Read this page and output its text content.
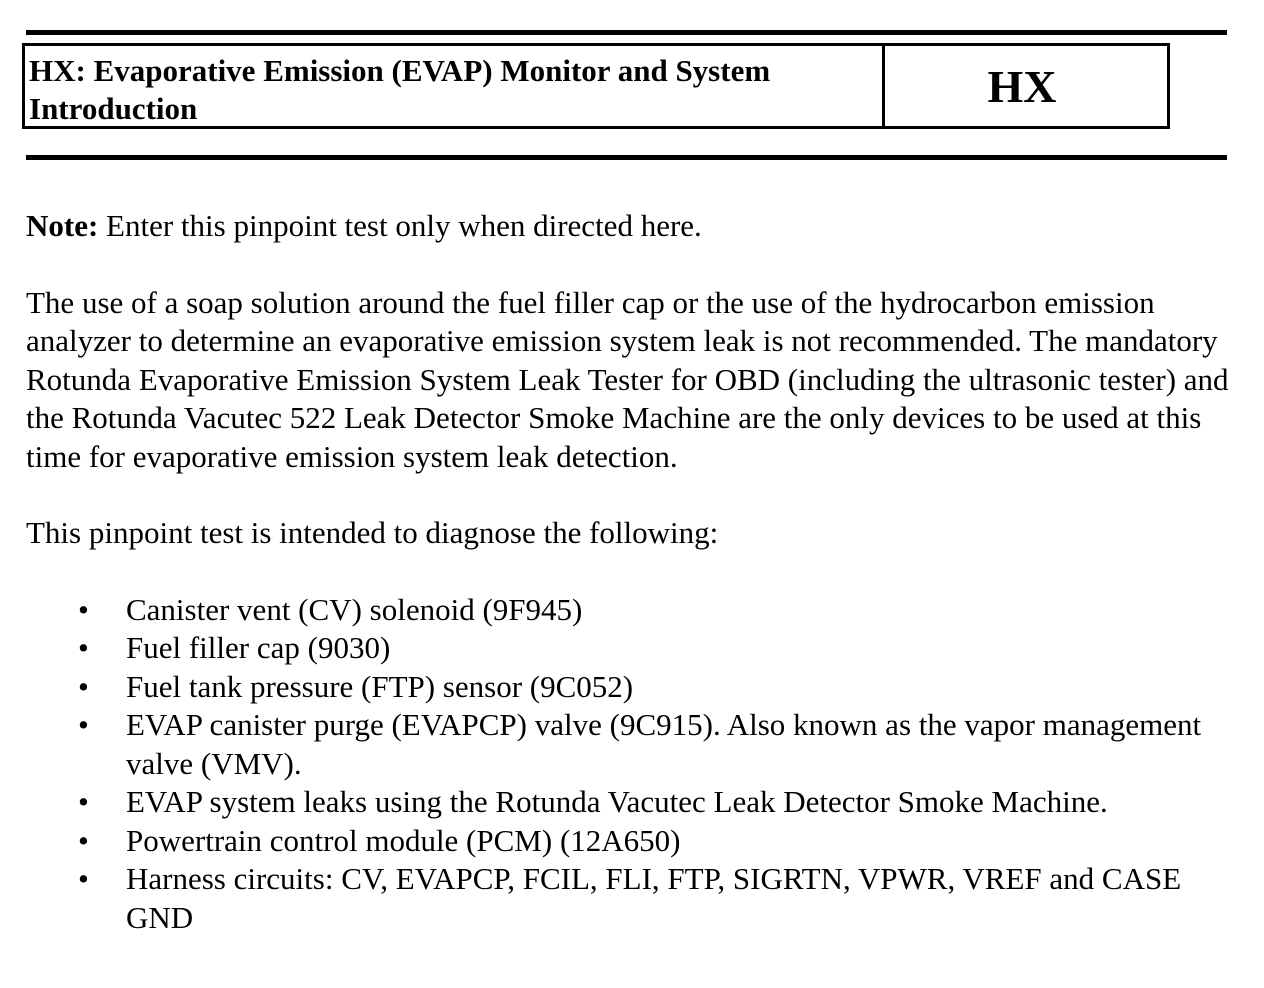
HX: Evaporative Emission (EVAP) Monitor and System Introduction	HX

Note: Enter this pinpoint test only when directed here.

The use of a soap solution around the fuel filler cap or the use of the hydrocarbon emission analyzer to determine an evaporative emission system leak is not recommended. The mandatory Rotunda Evaporative Emission System Leak Tester for OBD (including the ultrasonic tester) and the Rotunda Vacutec 522 Leak Detector Smoke Machine are the only devices to be used at this time for evaporative emission system leak detection.

This pinpoint test is intended to diagnose the following:

• Canister vent (CV) solenoid (9F945)
• Fuel filler cap (9030)
• Fuel tank pressure (FTP) sensor (9C052)
• EVAP canister purge (EVAPCP) valve (9C915). Also known as the vapor management valve (VMV).
• EVAP system leaks using the Rotunda Vacutec Leak Detector Smoke Machine.
• Powertrain control module (PCM) (12A650)
• Harness circuits: CV, EVAPCP, FCIL, FLI, FTP, SIGRTN, VPWR, VREF and CASE GND
